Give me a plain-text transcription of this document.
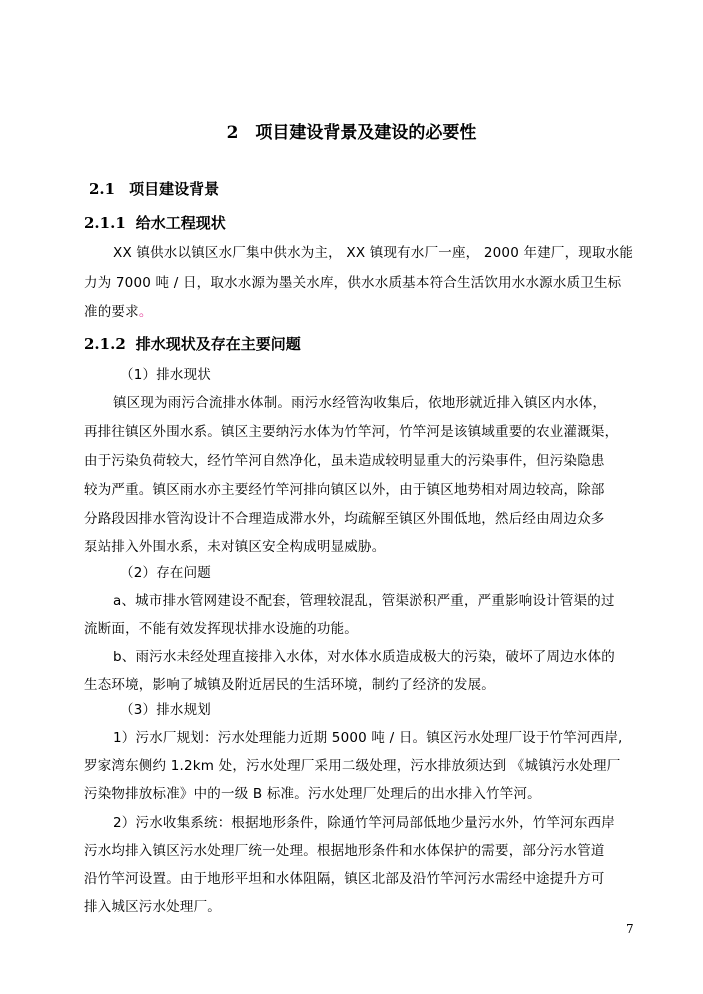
2　项目建设背景及建设的必要性
2.1 项目建设背景
2.1.1 给水工程现状
XX 镇供水以镇区水厂集中供水为主， XX 镇现有水厂一座， 2000 年建厂，现取水能
力为 7000 吨 / 日，取水水源为墨关水库，供水水质基本符合生活饮用水水源水质卫生标
准的要求。
2.1.2 排水现状及存在主要问题
（1）排水现状
镇区现为雨污合流排水体制。雨污水经管沟收集后，依地形就近排入镇区内水体，
再排往镇区外围水系。镇区主要纳污水体为竹竿河，竹竿河是该镇域重要的农业灌溉渠，
由于污染负荷较大，经竹竿河自然净化，虽未造成较明显重大的污染事件，但污染隐患
较为严重。镇区雨水亦主要经竹竿河排向镇区以外，由于镇区地势相对周边较高，除部
分路段因排水管沟设计不合理造成滞水外，均疏解至镇区外围低地，然后经由周边众多
泵站排入外围水系，未对镇区安全构成明显威胁。
（2）存在问题
a、城市排水管网建设不配套，管理较混乱，管渠淤积严重，严重影响设计管渠的过
流断面，不能有效发挥现状排水设施的功能。
b、雨污水未经处理直接排入水体，对水体水质造成极大的污染，破坏了周边水体的
生态环境，影响了城镇及附近居民的生活环境，制约了经济的发展。
（3）排水规划
1）污水厂规划：污水处理能力近期 5000 吨 / 日。镇区污水处理厂设于竹竿河西岸,
罗家湾东侧约 1.2km 处，污水处理厂采用二级处理，污水排放须达到 《城镇污水处理厂
污染物排放标准》中的一级 B 标准。污水处理厂处理后的出水排入竹竿河。
2）污水收集系统：根据地形条件，除通竹竿河局部低地少量污水外，竹竿河东西岸
污水均排入镇区污水处理厂统一处理。根据地形条件和水体保护的需要，部分污水管道
沿竹竿河设置。由于地形平坦和水体阻隔，镇区北部及沿竹竿河污水需经中途提升方可
排入城区污水处理厂。
7
